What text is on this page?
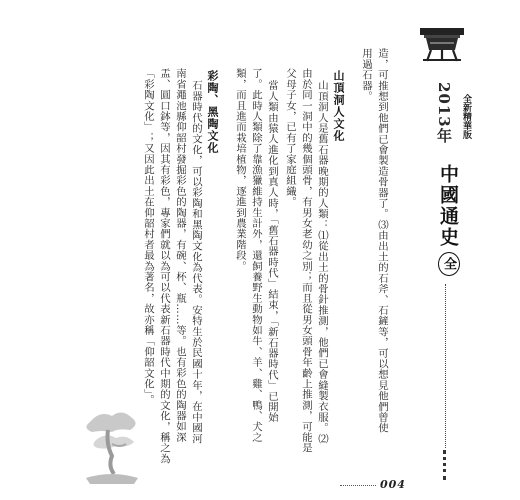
2013年 全新精華版
中國通史全
造，可推想到他們已會製造骨器了。⑶由出土的石斧、石鏟等，可以想見他們曾使
用過石器。
山頂洞人文化
山頂洞人是舊石器晚期的人類：⑴從出土的骨針推測，他們已會縫製衣服。⑵
由於同一洞中的幾個頭骨，有男女老幼之別；而且從男女頭骨年齡上推測，可能是
父母子女，已有了家庭組織。
當人類由猿人進化到真人時，「舊石器時代」結束，「新石器時代」已開始
了。此時人類除了靠漁獵維持生計外，還飼養野生動物如牛、羊、雞、鴨、犬之
類，而且進而栽培植物，逐進到農業階段。
彩陶、黑陶文化
石器時代的文化，可以彩陶和黑陶文化為代表。安特生於民國十年，在中國河
南省澠池縣仰韶村發掘彩色的陶器，有碗、杯、瓶……等。也有彩色的陶器如深
盂、圓口鉢等，因其有彩色，專家們就以為可以代表新石器時代中期的文化，稱之為
「彩陶文化」；又因此出土在仰韶村者最為著名，故亦稱「仰韶文化」。
004
